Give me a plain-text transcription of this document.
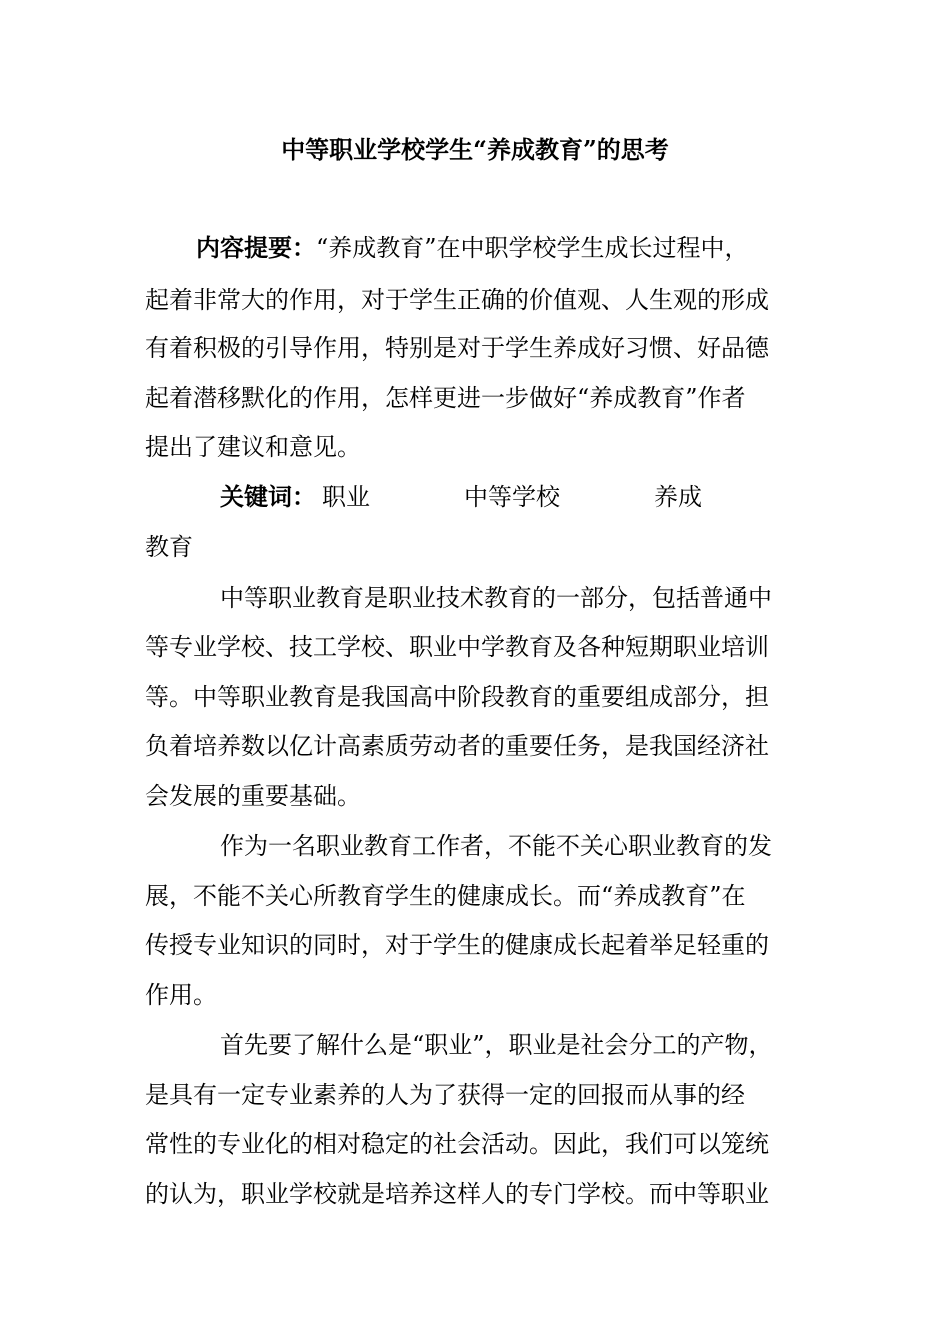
中等职业学校学生“养成教育”的思考
内容提要：“养成教育”在中职学校学生成长过程中，
起着非常大的作用，对于学生正确的价值观、人生观的形成
有着积极的引导作用，特别是对于学生养成好习惯、好品德
起着潜移默化的作用，怎样更进一步做好“养成教育”作者
提出了建议和意见。
关键词： 职业	中等学校	养成
教育
中等职业教育是职业技术教育的一部分，包括普通中
等专业学校、技工学校、职业中学教育及各种短期职业培训
等。中等职业教育是我国高中阶段教育的重要组成部分，担
负着培养数以亿计高素质劳动者的重要任务，是我国经济社
会发展的重要基础。
作为一名职业教育工作者，不能不关心职业教育的发
展，不能不关心所教育学生的健康成长。而“养成教育”在
传授专业知识的同时，对于学生的健康成长起着举足轻重的
作用。
首先要了解什么是“职业”，职业是社会分工的产物，
是具有一定专业素养的人为了获得一定的回报而从事的经
常性的专业化的相对稳定的社会活动。因此，我们可以笼统
的认为，职业学校就是培养这样人的专门学校。而中等职业
